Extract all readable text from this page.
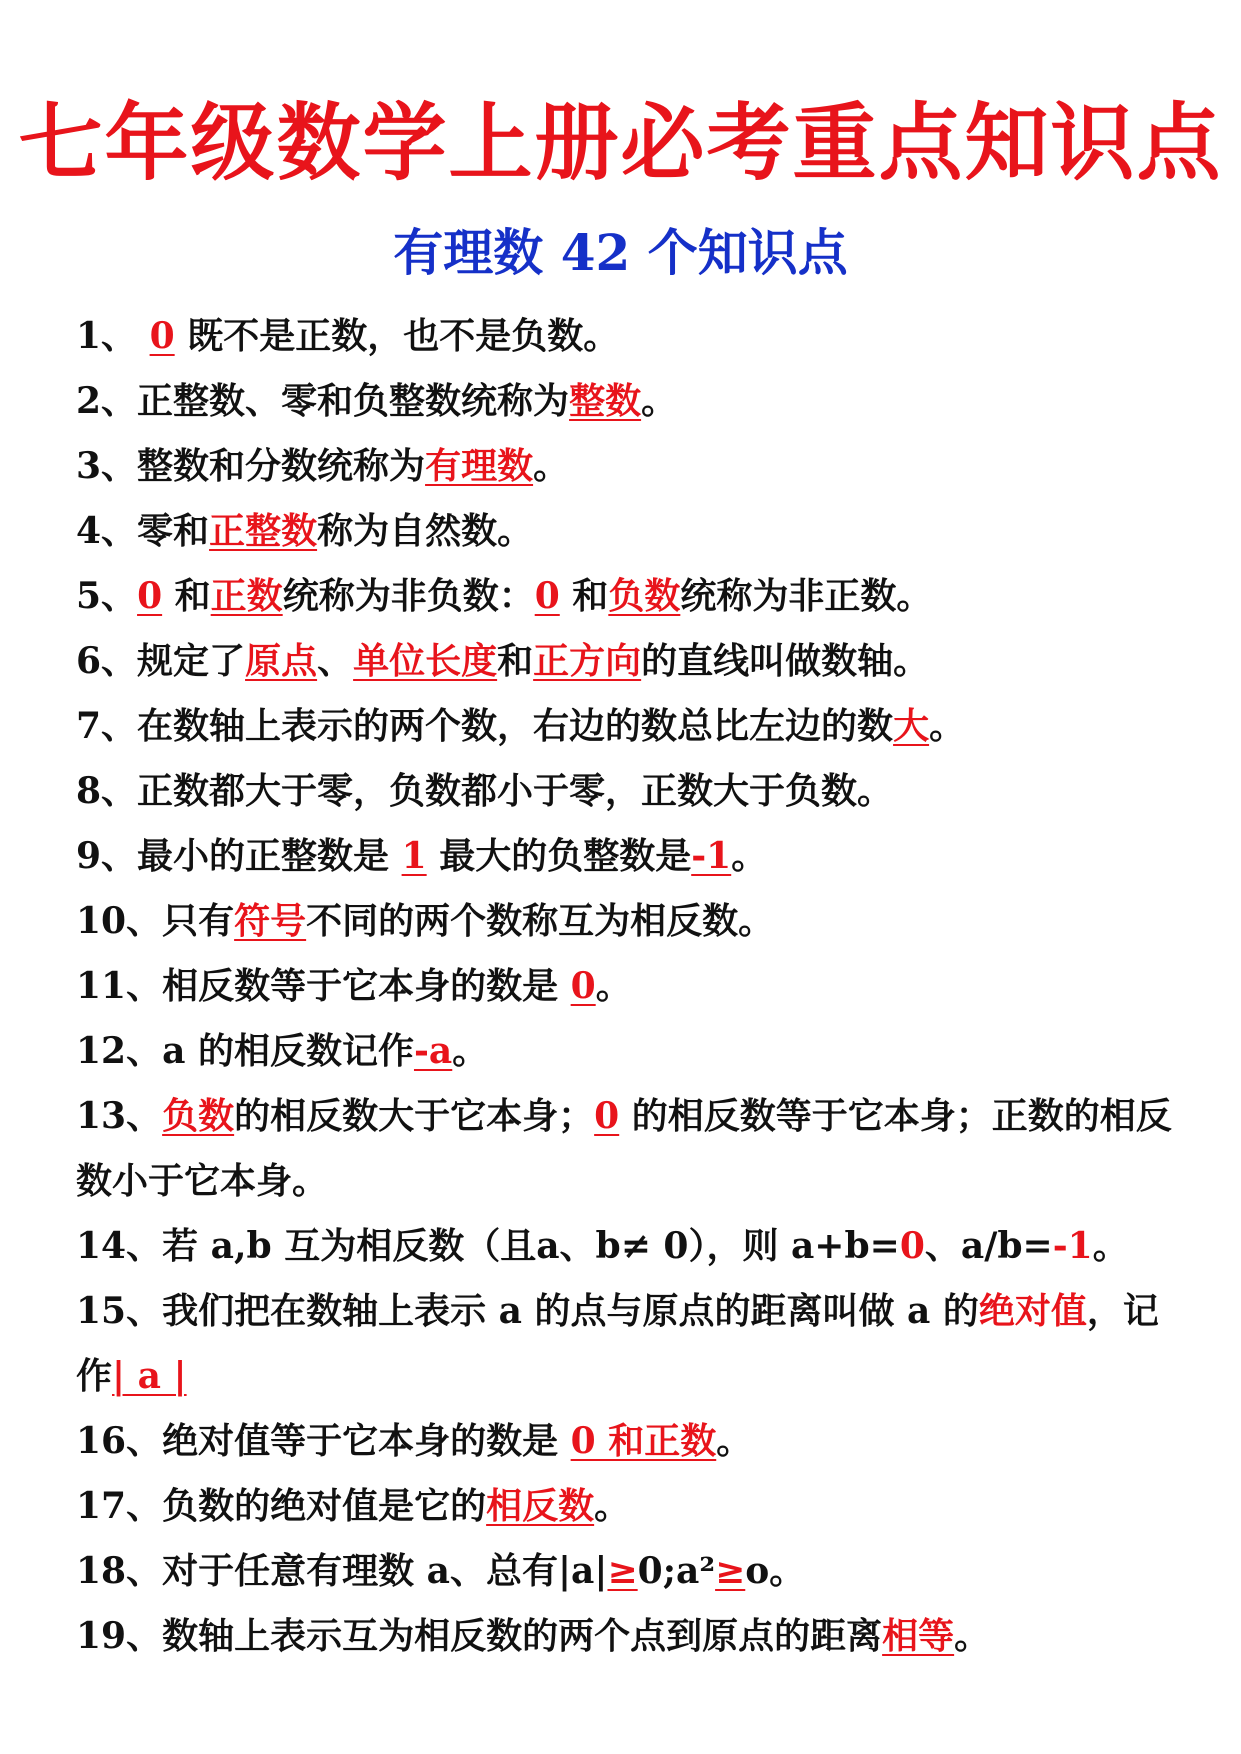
七年级数学上册必考重点知识点
有理数 42 个知识点
1、 0 既不是正数，也不是负数。
2、正整数、零和负整数统称为整数。
3、整数和分数统称为有理数。
4、零和正整数称为自然数。
5、0 和正数统称为非负数：0 和负数统称为非正数。
6、规定了原点、单位长度和正方向的直线叫做数轴。
7、在数轴上表示的两个数，右边的数总比左边的数大。
8、正数都大于零，负数都小于零，正数大于负数。
9、最小的正整数是 1 最大的负整数是-1。
10、只有符号不同的两个数称互为相反数。
11、相反数等于它本身的数是 0。
12、a 的相反数记作-a。
13、负数的相反数大于它本身；0 的相反数等于它本身；正数的相反数小于它本身。
14、若 a,b 互为相反数（且a、b≠ 0），则 a+b=0、a/b=-1。
15、我们把在数轴上表示 a 的点与原点的距离叫做 a 的绝对值，记作| a |
16、绝对值等于它本身的数是 0 和正数。
17、负数的绝对值是它的相反数。
18、对于任意有理数 a、总有|a|≥0;a²≥o。
19、数轴上表示互为相反数的两个点到原点的距离相等。
